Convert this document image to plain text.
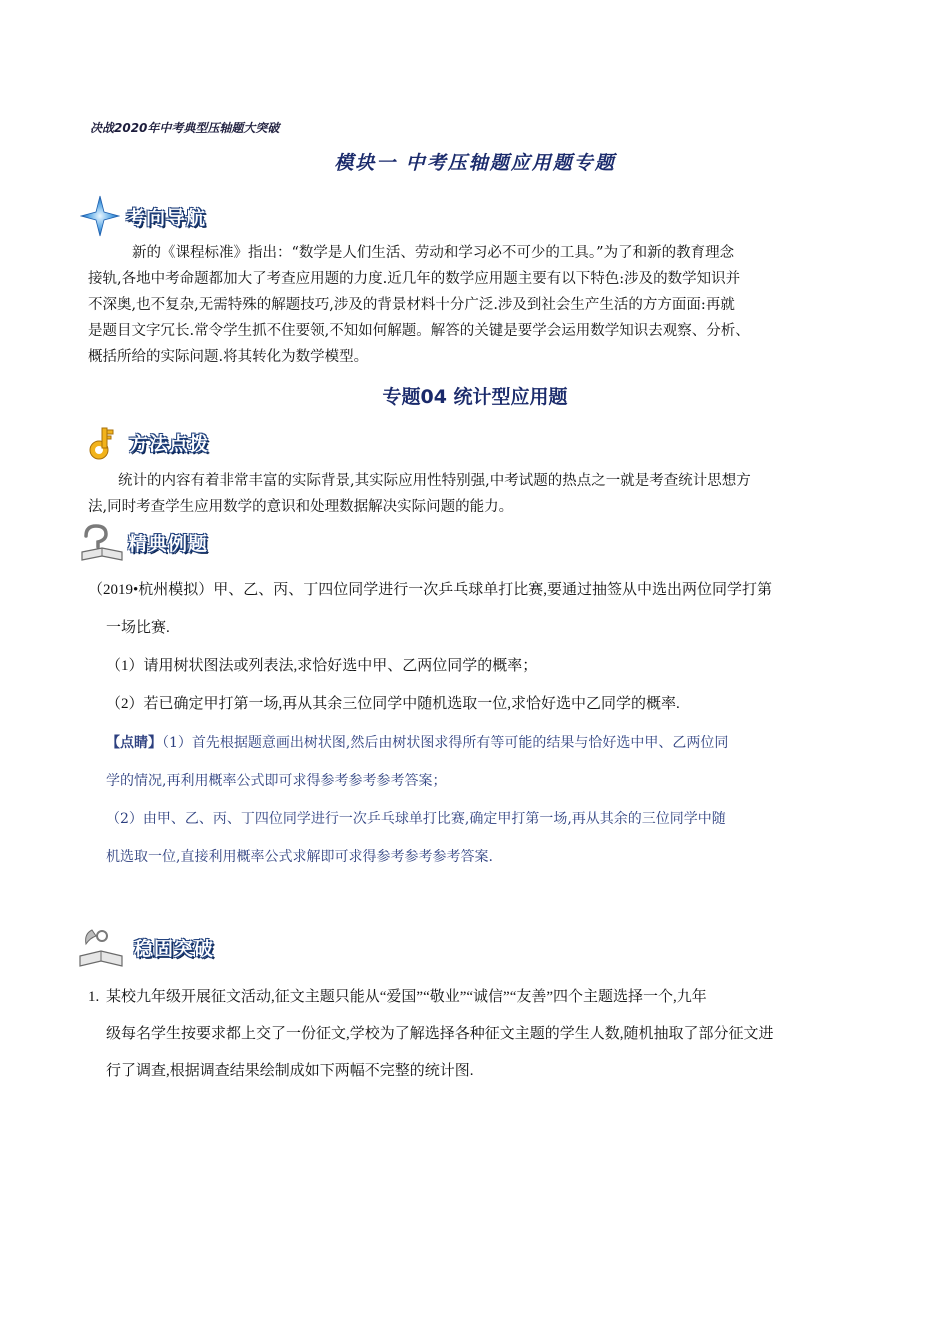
决战2020年中考典型压轴题大突破
模块一 中考压轴题应用题专题
考向导航
新的《课程标准》指出：“数学是人们生活、劳动和学习必不可少的工具。”为了和新的教育理念
接轨,各地中考命题都加大了考查应用题的力度.近几年的数学应用题主要有以下特色:涉及的数学知识并
不深奥,也不复杂,无需特殊的解题技巧,涉及的背景材料十分广泛.涉及到社会生产生活的方方面面:再就
是题目文字冗长.常令学生抓不住要领,不知如何解题。解答的关键是要学会运用数学知识去观察、分析、
概括所给的实际问题.将其转化为数学模型。
专题04 统计型应用题
方法点拨
统计的内容有着非常丰富的实际背景,其实际应用性特别强,中考试题的热点之一就是考查统计思想方
法,同时考查学生应用数学的意识和处理数据解决实际问题的能力。
精典例题
（2019•杭州模拟）甲、乙、丙、丁四位同学进行一次乒乓球单打比赛,要通过抽签从中选出两位同学打第
一场比赛.
（1）请用树状图法或列表法,求恰好选中甲、乙两位同学的概率；
（2）若已确定甲打第一场,再从其余三位同学中随机选取一位,求恰好选中乙同学的概率.
【点睛】（1）首先根据题意画出树状图,然后由树状图求得所有等可能的结果与恰好选中甲、乙两位同
学的情况,再利用概率公式即可求得参考参考参考答案；
（2）由甲、乙、丙、丁四位同学进行一次乒乓球单打比赛,确定甲打第一场,再从其余的三位同学中随
机选取一位,直接利用概率公式求解即可求得参考参考参考答案.
稳固突破
1. 某校九年级开展征文活动,征文主题只能从“爱国”“敬业”“诚信”“友善”四个主题选择一个,九年
级每名学生按要求都上交了一份征文,学校为了解选择各种征文主题的学生人数,随机抽取了部分征文进
行了调查,根据调查结果绘制成如下两幅不完整的统计图.
